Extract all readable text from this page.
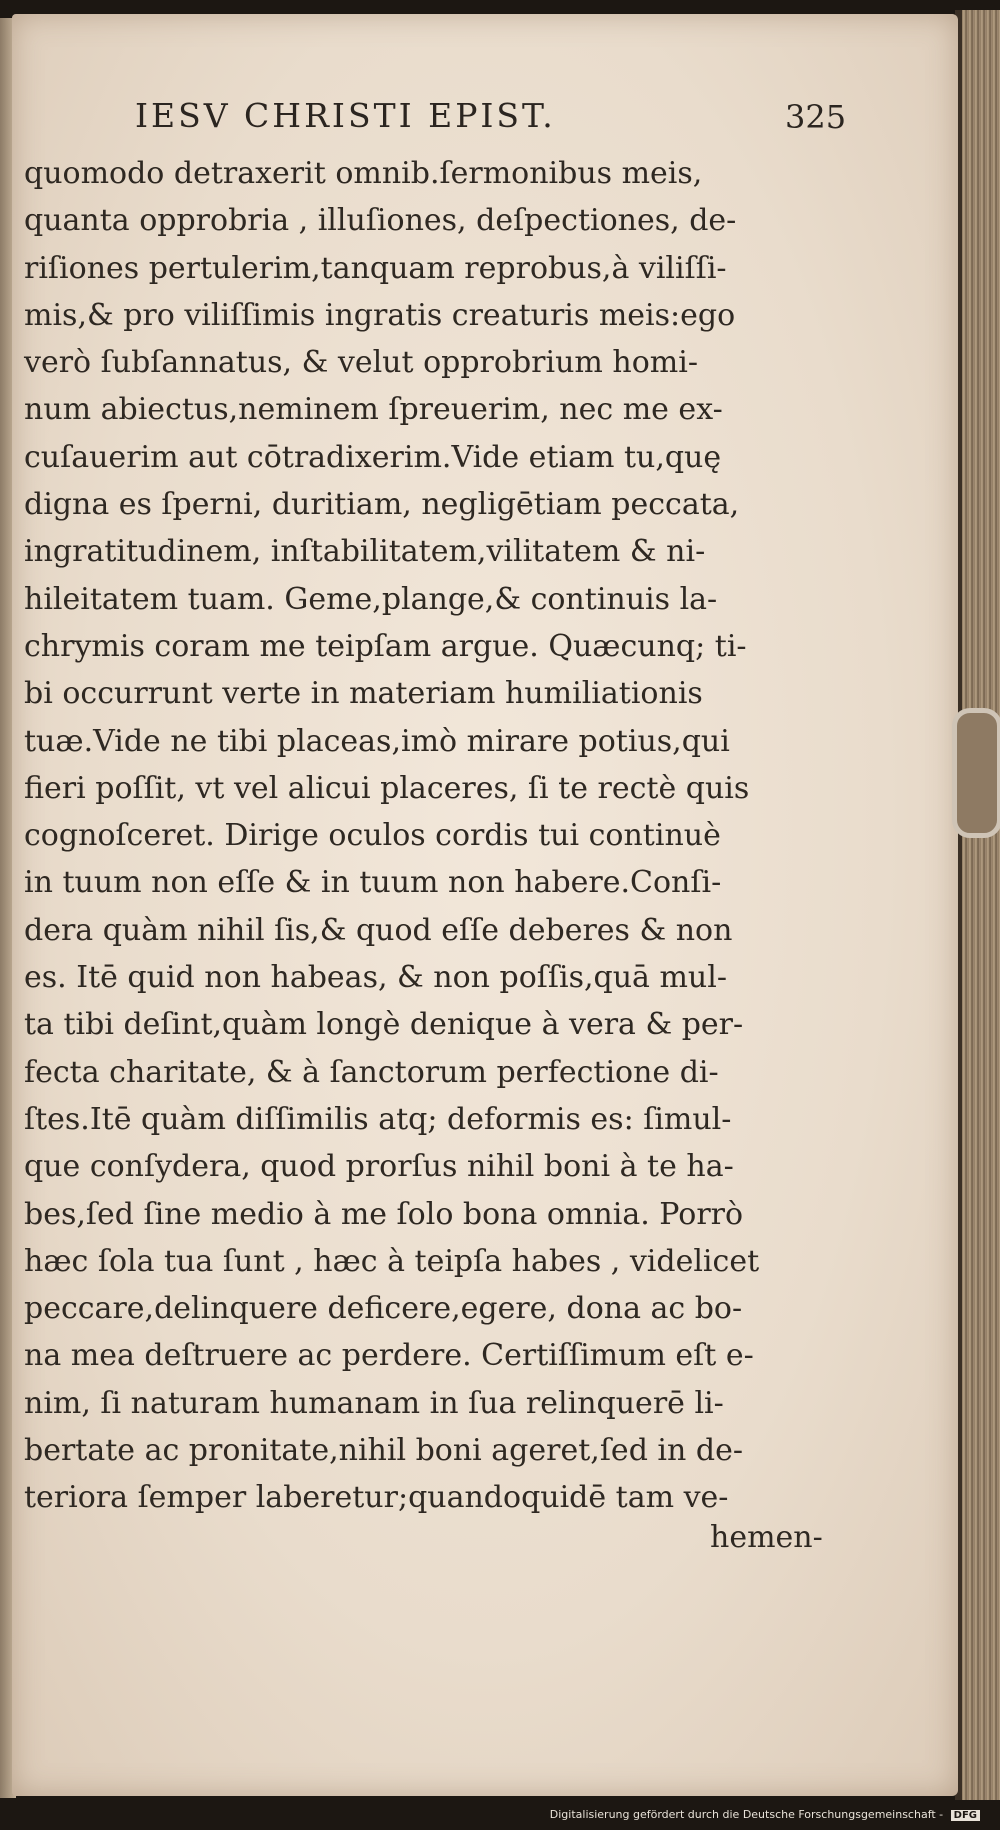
IESV CHRISTI EPIST.	325
quomodo detraxerit omnib.ſermonibus meis,
quanta opprobria , illuſiones, deſpectiones, de-
riſiones pertulerim,tanquam reprobus,à viliſſi-
mis,& pro viliſſimis ingratis creaturis meis:ego
verò ſubſannatus, & velut opprobrium homi-
num abiectus,neminem ſpreuerim, nec me ex-
cuſauerim aut cōtradixerim.Vide etiam tu,quę
digna es ſperni, duritiam, negligētiam peccata,
ingratitudinem, inſtabilitatem,vilitatem & ni-
hileitatem tuam. Geme,plange,& continuis la-
chrymis coram me teipſam argue. Quæcunq; ti-
bi occurrunt verte in materiam humiliationis
tuæ.Vide ne tibi placeas,imò mirare potius,qui
fieri poſſit, vt vel alicui placeres, ſi te rectè quis
cognoſceret. Dirige oculos cordis tui continuè
in tuum non eſſe & in tuum non habere.Conſi-
dera quàm nihil ſis,& quod eſſe deberes & non
es. Itē quid non habeas, & non poſſis,quā mul-
ta tibi deſint,quàm longè denique à vera & per-
fecta charitate, & à ſanctorum perfectione di-
ſtes.Itē quàm diſſimilis atq; deformis es: ſimul-
que conſydera, quod prorſus nihil boni à te ha-
bes,ſed ſine medio à me ſolo bona omnia. Porrò
hæc ſola tua ſunt , hæc à teipſa habes , videlicet
peccare,delinquere deficere,egere, dona ac bo-
na mea deſtruere ac perdere. Certiſſimum eſt e-
nim, ſi naturam humanam in ſua relinquerē li-
bertate ac pronitate,nihil boni ageret,ſed in de-
teriora ſemper laberetur;quandoquidē tam ve-
hemen-
Digitalisierung gefördert durch die Deutsche Forschungsgemeinschaft - DFG
